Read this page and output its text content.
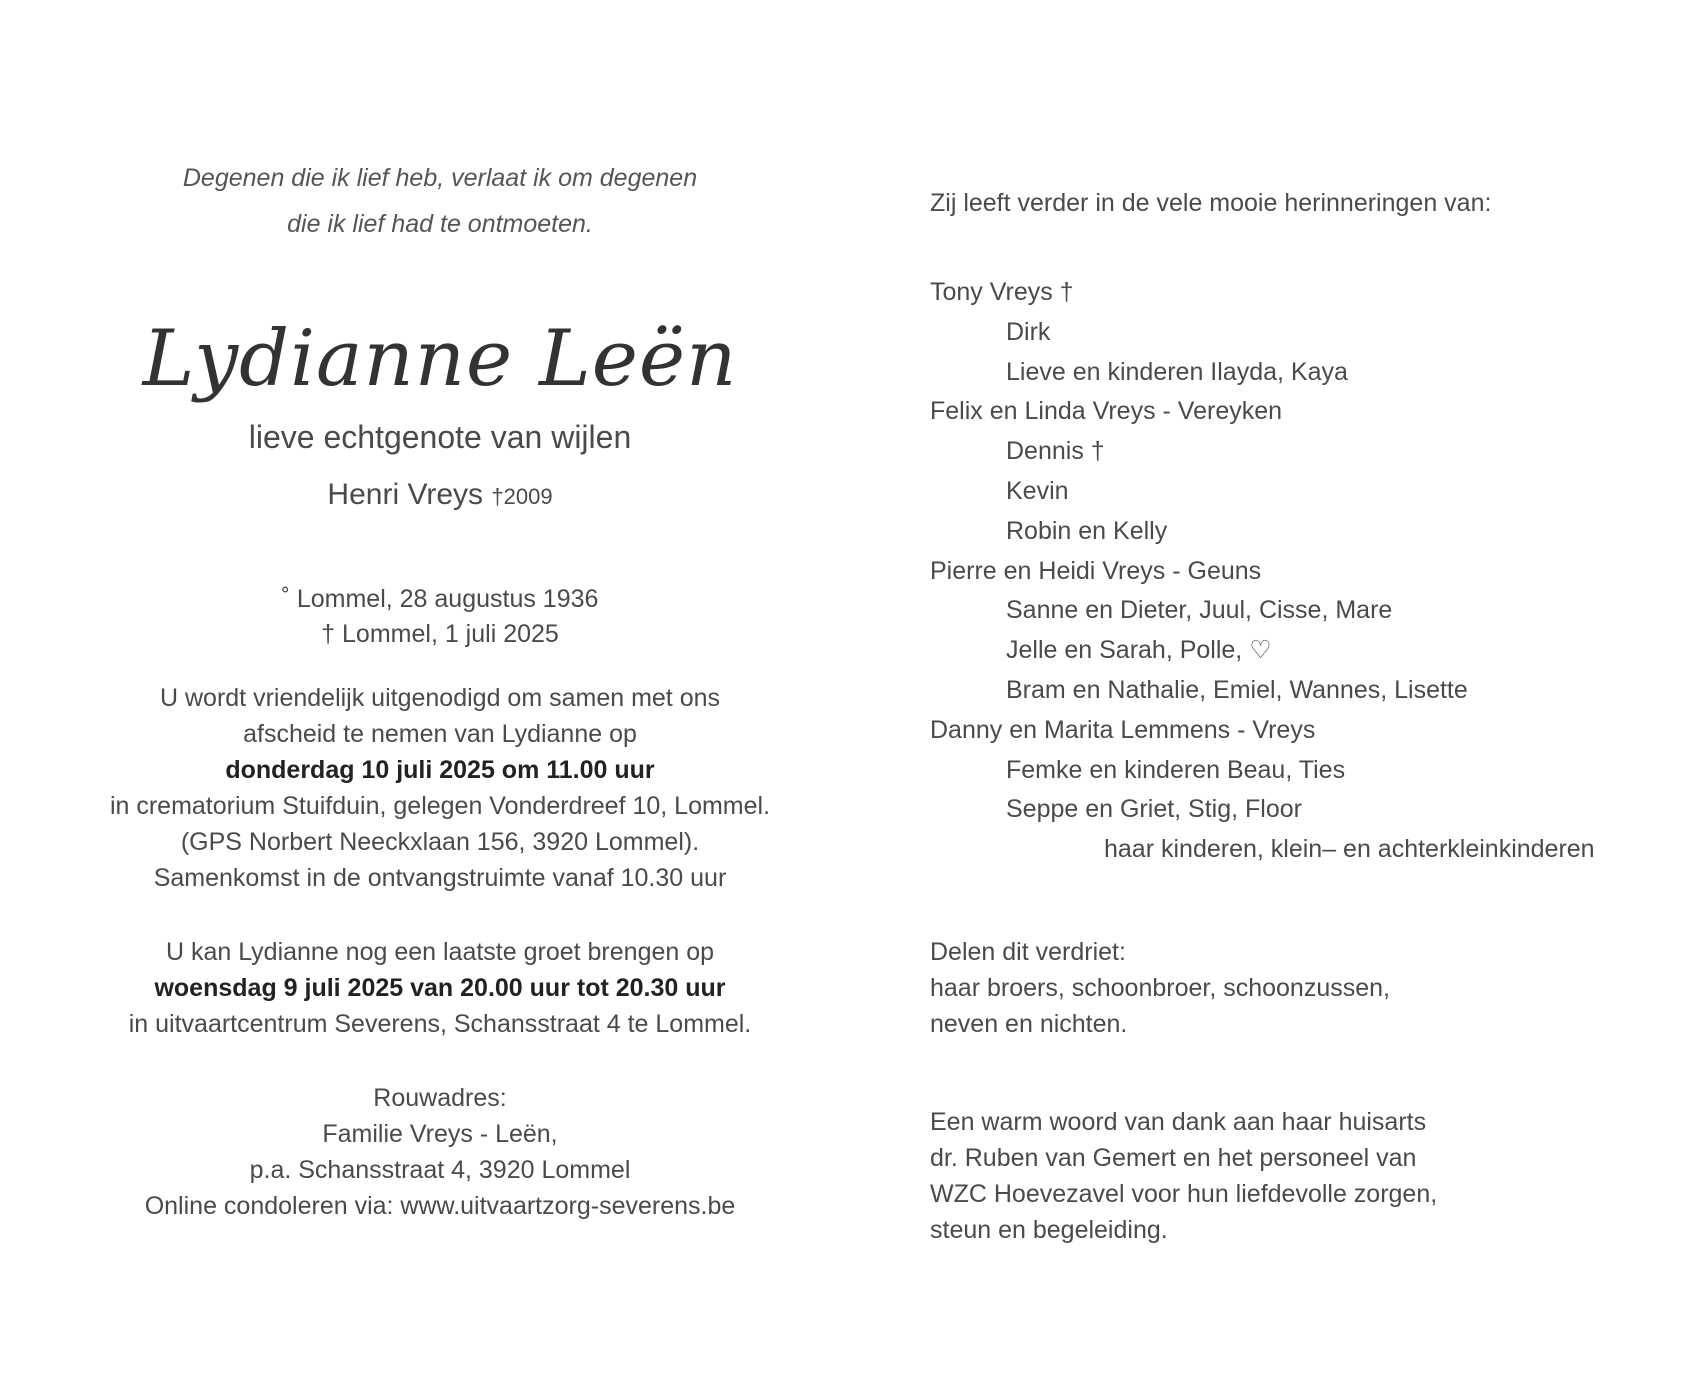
Degenen die ik lief heb, verlaat ik om degenen
die ik lief had te ontmoeten.
Lydianne Leën
lieve echtgenote van wijlen
Henri Vreys †2009
˚ Lommel, 28 augustus 1936
† Lommel, 1 juli 2025
U wordt vriendelijk uitgenodigd om samen met ons
afscheid te nemen van Lydianne op
donderdag 10 juli 2025 om 11.00 uur
in crematorium Stuifduin, gelegen Vonderdreef 10, Lommel.
(GPS Norbert Neeckxlaan 156, 3920 Lommel).
Samenkomst in de ontvangstruimte vanaf 10.30 uur
U kan Lydianne nog een laatste groet brengen op
woensdag 9 juli 2025 van 20.00 uur tot 20.30 uur
in uitvaartcentrum Severens, Schansstraat 4 te Lommel.
Rouwadres:
Familie Vreys - Leën,
p.a. Schansstraat 4, 3920 Lommel
Online condoleren via: www.uitvaartzorg-severens.be
Zij leeft verder in de vele mooie herinneringen van:
Tony Vreys †
Dirk
Lieve en kinderen Ilayda, Kaya
Felix en Linda Vreys - Vereyken
Dennis †
Kevin
Robin en Kelly
Pierre en Heidi Vreys - Geuns
Sanne en Dieter, Juul, Cisse, Mare
Jelle en Sarah, Polle, ♡
Bram en Nathalie, Emiel, Wannes, Lisette
Danny en Marita Lemmens - Vreys
Femke en kinderen Beau, Ties
Seppe en Griet, Stig, Floor
haar kinderen, klein– en achterkleinkinderen
Delen dit verdriet:
haar broers, schoonbroer, schoonzussen,
neven en nichten.
Een warm woord van dank aan haar huisarts
dr. Ruben van Gemert en het personeel van
WZC Hoevezavel voor hun liefdevolle zorgen,
steun en begeleiding.
